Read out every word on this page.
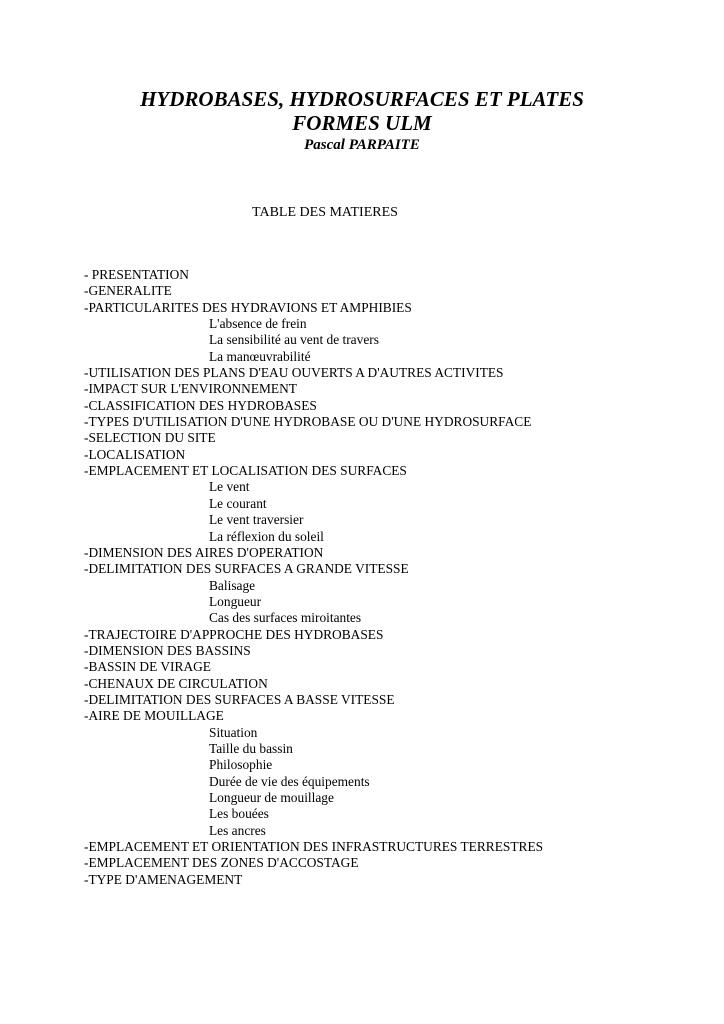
HYDROBASES, HYDROSURFACES ET PLATES
FORMES ULM

Pascal PARPAITE

TABLE DES MATIERES

- PRESENTATION
-GENERALITE
-PARTICULARITES DES HYDRAVIONS ET AMPHIBIES
L'absence de frein
La sensibilité au vent de travers
La manœuvrabilité
-UTILISATION DES PLANS D'EAU OUVERTS A D'AUTRES ACTIVITES
-IMPACT SUR L'ENVIRONNEMENT
-CLASSIFICATION DES HYDROBASES
-TYPES D'UTILISATION D'UNE HYDROBASE OU D'UNE HYDROSURFACE
-SELECTION DU SITE
-LOCALISATION
-EMPLACEMENT ET LOCALISATION DES SURFACES
Le vent
Le courant
Le vent traversier
La réflexion du soleil
-DIMENSION DES AIRES D'OPERATION
-DELIMITATION DES SURFACES A GRANDE VITESSE
Balisage
Longueur
Cas des surfaces miroitantes
-TRAJECTOIRE D'APPROCHE DES HYDROBASES
-DIMENSION DES BASSINS
-BASSIN DE VIRAGE
-CHENAUX DE CIRCULATION
-DELIMITATION DES SURFACES A BASSE VITESSE
-AIRE DE MOUILLAGE
Situation
Taille du bassin
Philosophie
Durée de vie des équipements
Longueur de mouillage
Les bouées
Les ancres
-EMPLACEMENT ET ORIENTATION DES INFRASTRUCTURES TERRESTRES
-EMPLACEMENT DES ZONES D'ACCOSTAGE
-TYPE D'AMENAGEMENT
